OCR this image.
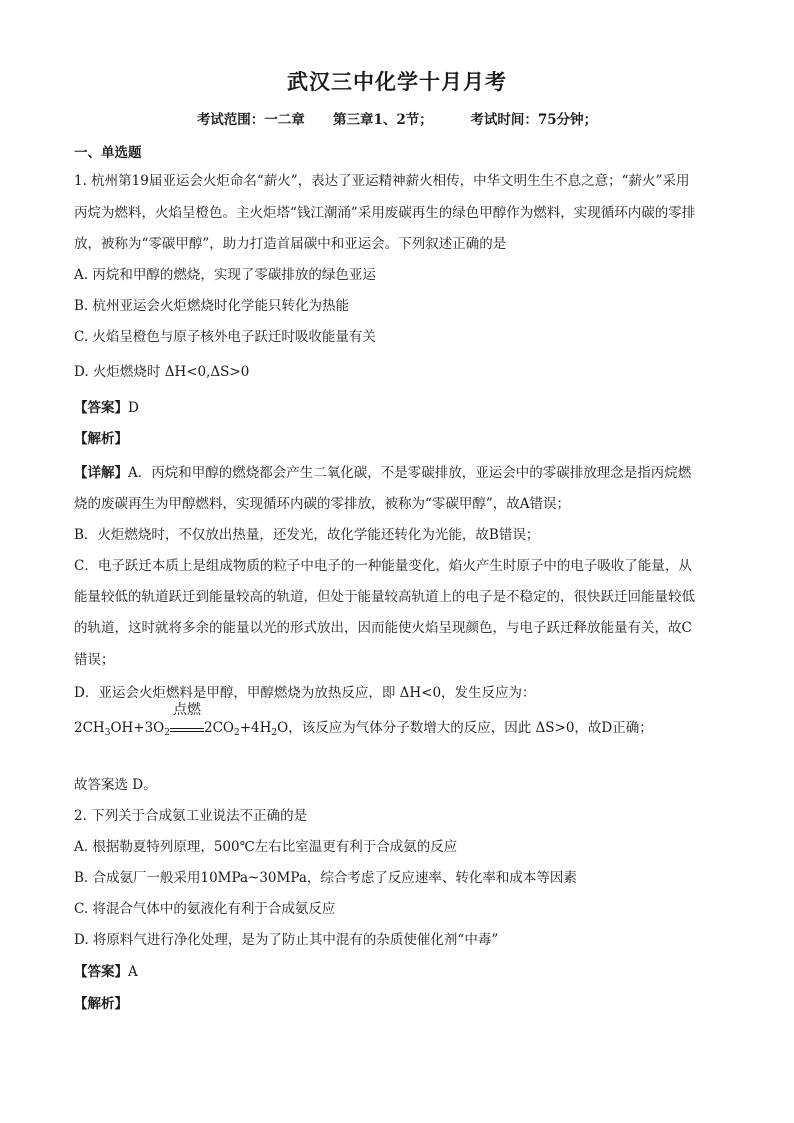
武汉三中化学十月月考
考试范围：一二章      第三章1、2节；        考试时间：75分钟；
一、单选题
1. 杭州第19届亚运会火炬命名“薪火”，表达了亚运精神薪火相传，中华文明生生不息之意；“薪火”采用
丙烷为燃料，火焰呈橙色。主火炬塔“钱江潮涌”采用废碳再生的绿色甲醇作为燃料，实现循环内碳的零排
放，被称为“零碳甲醇”，助力打造首届碳中和亚运会。下列叙述正确的是
A. 丙烷和甲醇的燃烧，实现了零碳排放的绿色亚运
B. 杭州亚运会火炬燃烧时化学能只转化为热能
C. 火焰呈橙色与原子核外电子跃迁时吸收能量有关
D. 火炬燃烧时 ΔH<0,ΔS>0
【答案】D
【解析】
【详解】A．丙烷和甲醇的燃烧都会产生二氧化碳，不是零碳排放，亚运会中的零碳排放理念是指丙烷燃
烧的废碳再生为甲醇燃料，实现循环内碳的零排放，被称为“零碳甲醇”，故A错误；
B．火炬燃烧时，不仅放出热量，还发光，故化学能还转化为光能，故B错误；
C．电子跃迁本质上是组成物质的粒子中电子的一种能量变化，焰火产生时原子中的电子吸收了能量，从
能量较低的轨道跃迁到能量较高的轨道，但处于能量较高轨道上的电子是不稳定的，很快跃迁回能量较低
的轨道，这时就将多余的能量以光的形式放出，因而能使火焰呈现颜色，与电子跃迁释放能量有关，故C
错误；
D．亚运会火炬燃料是甲醇，甲醇燃烧为放热反应，即 ΔH<0，发生反应为：
$2CH_3OH+3O_2$
点燃
$2CO_2+4H_2O$，该反应为气体分子数增大的反应，因此 ΔS>0，故D正确；
故答案选 D。
2. 下列关于合成氨工业说法不正确的是
A. 根据勒夏特列原理，500℃左右比室温更有利于合成氨的反应
B. 合成氨厂一般采用10MPa~30MPa，综合考虑了反应速率、转化率和成本等因素
C. 将混合气体中的氨液化有利于合成氨反应
D. 将原料气进行净化处理，是为了防止其中混有的杂质使催化剂“中毒”
【答案】A
【解析】
